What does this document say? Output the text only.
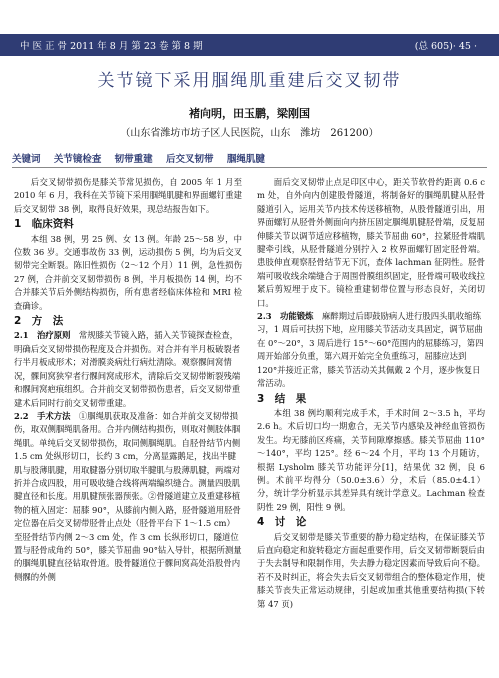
中 医 正 骨 2011 年 8 月 第 23 卷 第 8 期	(总 605)· 45 ·
关节镜下采用腘绳肌重建后交叉韧带
褚向明，田玉鹏，梁刚国
（山东省潍坊市坊子区人民医院，山东　潍坊　261200）
关键词 关节镜检查 韧带重建 后交叉韧带 腘绳肌腱

后交叉韧带损伤是膝关节常见损伤，自 2005 年 1 月至 2010 年 6 月，我科在关节镜下采用腘绳肌腱和界面螺钉重建后交叉韧带 38 例，取得良好效果，现总结报告如下。

1　临床资料

本组 38 例，男 25 例、女 13 例。年龄 25～58 岁，中位数 36 岁。交通事故伤 33 例，运动损伤 5 例，均为后交叉韧带完全断裂。陈旧性损伤（2～12 个月）11 例，急性损伤 27 例，合并前交叉韧带损伤 8 例，半月板损伤 14 例，均不合并膝关节后外侧结构损伤，所有患者经临床体检和 MRI 检查确诊。

2　方　法

2.1　治疗原则　 常规膝关节镜入路，插入关节镜探查检查，明确后交叉韧带损伤程度及合并损伤。对合并有半月板破裂者行半月板成形术；对滑膜炎病灶行病灶清除。观察髁间窝情况，髁间窝狭窄者行髁间窝成形术，清除后交叉韧带断裂残端和髁间窝疤痕组织。合并前交叉韧带损伤患者，后交叉韧带重建术后同时行前交叉韧带重建。

2.2　手术方法　 ①腘绳肌获取及准备：如合并前交叉韧带损伤，取双侧腘绳肌备用。合并内侧结构损伤，则取对侧肢体腘绳肌。单纯后交叉韧带损伤，取同侧腘绳肌。自胫骨结节内侧 1.5 cm 处纵形切口，长约 3 cm，分离显露鹅足，找出半腱肌与股薄肌腱，用取腱器分别切取半腱肌与股薄肌腱，两端对折并合成四股，用可吸收缝合线将两端编织缝合。测量四股肌腱直径和长度。用肌腱预张器预张。②骨隧道建立及重建移植物的植入固定：屈膝 90°，从膝前内侧入路，胫骨隧道用胫骨定位器在后交叉韧带胫骨止点处（胫骨平台下 1～1.5 cm）至胫骨结节内侧 2～3 cm 处，作 3 cm 长纵形切口，隧道位置与胫骨成角约 50°，膝关节屈曲 90°钻入导针，根据所测量的腘绳肌腱直径钻取骨道。股骨隧道位于髁间窝高处沿股骨内侧髁的外侧

面后交叉韧带止点足印区中心，距关节软骨约距离 0.6 cm 处，自外向内创建股骨隧道，将制备好的腘绳肌腱从胫骨隧道引入，运用关节内技术传送移植物，从股骨隧道引出，用界面螺钉从胫骨外侧面向内挤压固定腘绳肌腱胫骨端，反复屈伸膝关节以调节适应移植物，膝关节屈曲 60°，拉紧胫骨端肌腱牵引线，从胫骨隧道分别拧入 2 枚界面螺钉固定胫骨端。患肢伸直观察胫骨结节无下沉，查体 lachman 征阴性。胫骨端可吸收线余端缝合于周围骨膜组织固定，胫骨端可吸收线拉紧后剪短埋于皮下。镜检重建韧带位置与形态良好，关闭切口。

2.3　功能锻炼　 麻醉期过后即鼓励病人进行股四头肌收缩练习，1 周后可扶拐下地，应用膝关节活动支具固定，调节屈曲在 0°～20°，3 周后进行 15°～60°范围内的屈膝练习，第四周开始部分负重，第六周开始完全负重练习，屈膝应达到 120°并接近正常，膝关节活动关其佩戴 2 个月，逐步恢复日常活动。

3　结　果

本组 38 例均顺利完成手术，手术时间 2～3.5 h，平均 2.6 h。术后切口均一期愈合，无关节内感染及神经血管损伤发生。均无膝前区疼痛，关节间隙摩擦感。膝关节屈曲 110°～140°，平均 125°。经 6～24 个月，平均 13 个月随访，根据 Lysholm 膝关节功能评分[1]，结果优 32 例，良 6 例。术前平均得分（50.0±3.6）分，术后（85.0±4.1）分，统计学分析显示其差异具有统计学意义。Lachman 检查阴性 29 例，阳性 9 例。

4　讨　论

后交叉韧带是膝关节重要的静力稳定结构，在保证膝关节后直向稳定和旋转稳定方面起重要作用，后交叉韧带断裂后由于失去制导和限制作用，失去静力稳定因素而导致后向不稳。若不及时纠正，将会失去后交叉韧带组合的整体稳定作用，使膝关节丧失正常运动规律，引起或加重其他重要结构损(下转第 47 页)
